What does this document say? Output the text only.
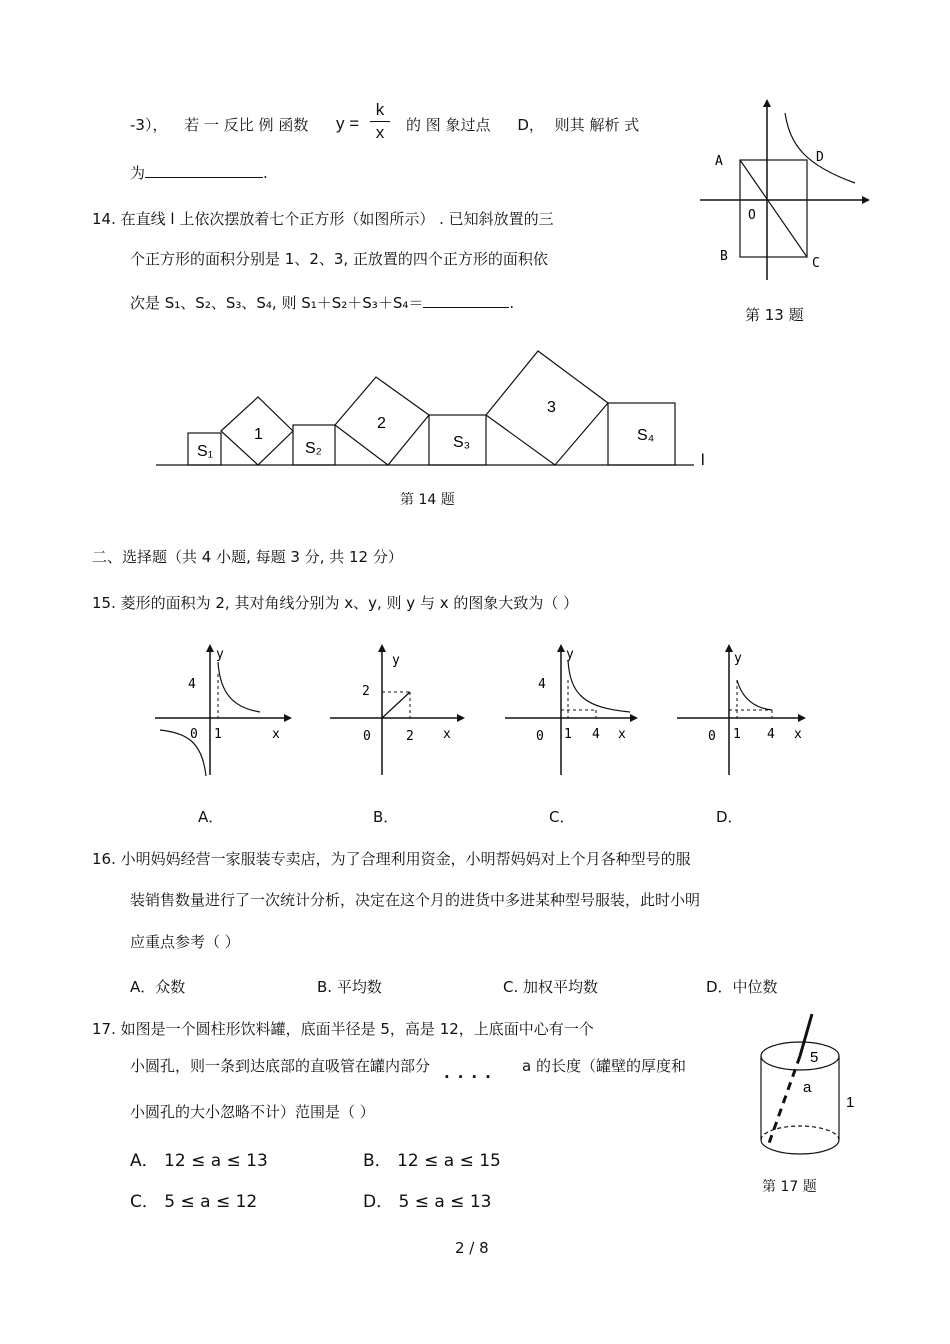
-3）， 若 一 反比 例 函数 y =
k
x	的 图 象过点 D， 则其 解析 式
为	.
A	D
O
B	C
第 13 题
14. 在直线 l 上依次摆放着七个正方形（如图所示） . 已知斜放置的三
个正方形的面积分别是 1、2、3, 正放置的四个正方形的面积依
次是 S₁、S₂、S₃、S₄, 则 S₁＋S₂＋S₃＋S₄＝	.
S₁
1
S₂
2
S₃
3
S₄
l
第 14 题
二、选择题（共 4 小题, 每题 3 分, 共 12 分）
15. 菱形的面积为 2, 其对角线分别为 x、y, 则 y 与 x 的图象大致为（ ）
y
4
0 1	x
y
2
0	2 x
y
4
0 1 4 x
y
0 1 4 x
A．	B．	C．	D．
16. 小明妈妈经营一家服装专卖店，为了合理利用资金，小明帮妈妈对上个月各种型号的服
装销售数量进行了一次统计分析，决定在这个月的进货中多进某种型号服装，此时小明
应重点参考（ ）
A．众数	B. 平均数	C. 加权平均数	D．中位数
17. 如图是一个圆柱形饮料罐，底面半径是 5，高是 12，上底面中心有一个
小圆孔，则一条到达底部的直吸管在罐内部分 .... a 的长度（罐壁的厚度和
小圆孔的大小忽略不计）范围是（ ）
A． 12 ≤ a ≤ 13	B． 12 ≤ a ≤ 15
C． 5 ≤ a ≤ 12	D． 5 ≤ a ≤ 13
5
a
1
第 17 题
2 / 8
